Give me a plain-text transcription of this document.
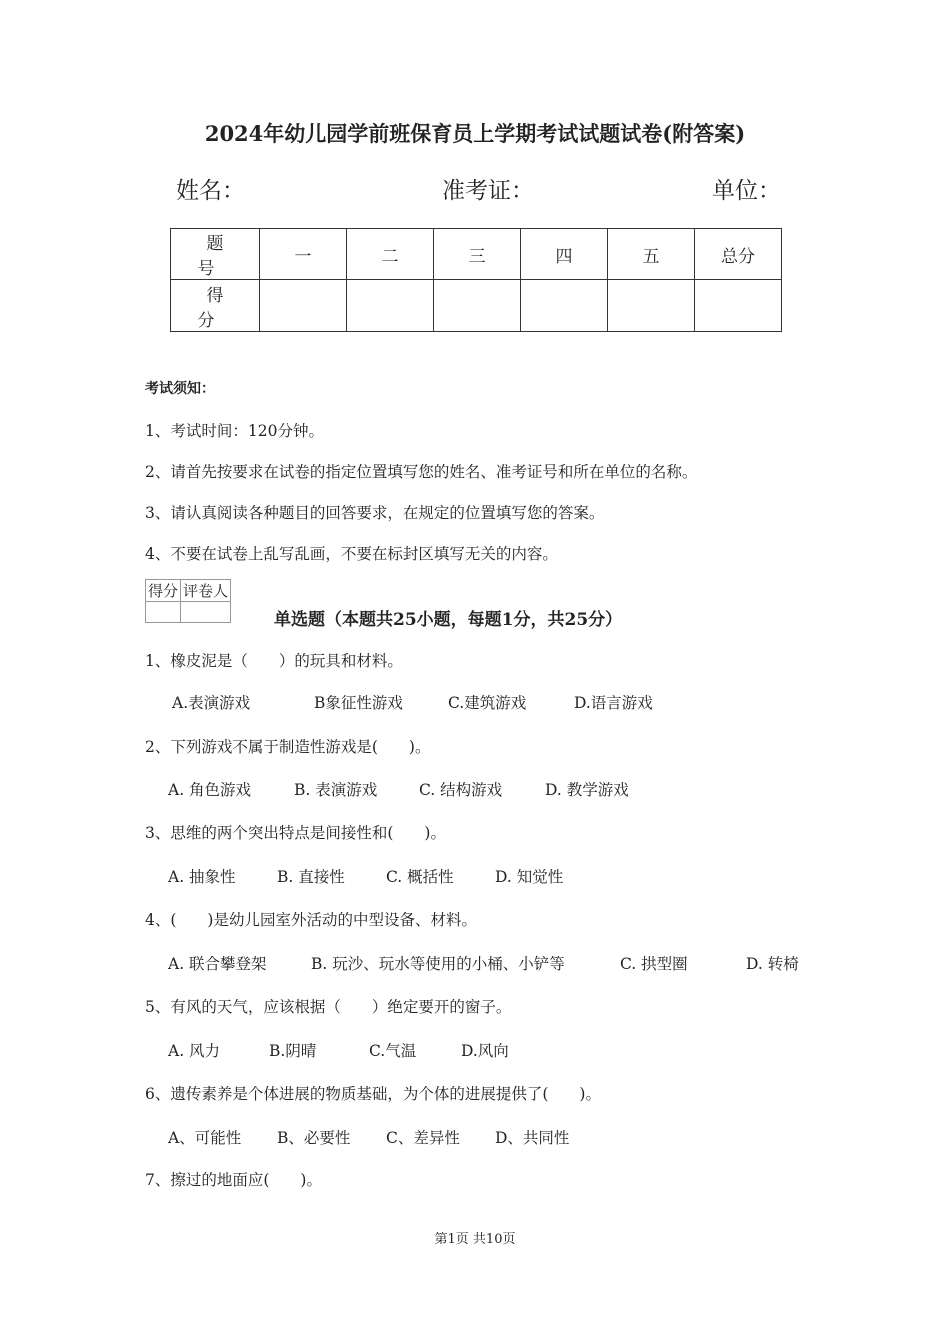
2024年幼儿园学前班保育员上学期考试试题试卷(附答案)
姓名：	准考证：	单位：
题　号	一	二	三	四	五	总分
得　分						
考试须知：
1、考试时间：120分钟。
2、请首先按要求在试卷的指定位置填写您的姓名、准考证号和所在单位的名称。
3、请认真阅读各种题目的回答要求，在规定的位置填写您的答案。
4、不要在试卷上乱写乱画，不要在标封区填写无关的内容。
得分	评卷人

单选题（本题共25小题，每题1分，共25分）
1、橡皮泥是（　　）的玩具和材料。
A.表演游戏	B象征性游戏	C.建筑游戏	D.语言游戏
2、下列游戏不属于制造性游戏是(　　)。
A. 角色游戏	B. 表演游戏	C. 结构游戏	D. 教学游戏
3、思维的两个突出特点是间接性和(　　)。
A. 抽象性	B. 直接性	C. 概括性	D. 知觉性
4、(　　)是幼儿园室外活动的中型设备、材料。
A. 联合攀登架	B. 玩沙、玩水等使用的小桶、小铲等	C. 拱型圈	D. 转椅
5、有风的天气，应该根据（　　）绝定要开的窗子。
A. 风力	B.阴晴	C.气温	D.风向
6、遗传素养是个体进展的物质基础，为个体的进展提供了(　　)。
A、可能性 B、必要性 C、差异性 D、共同性
7、擦过的地面应(　　)。
第1页 共10页
